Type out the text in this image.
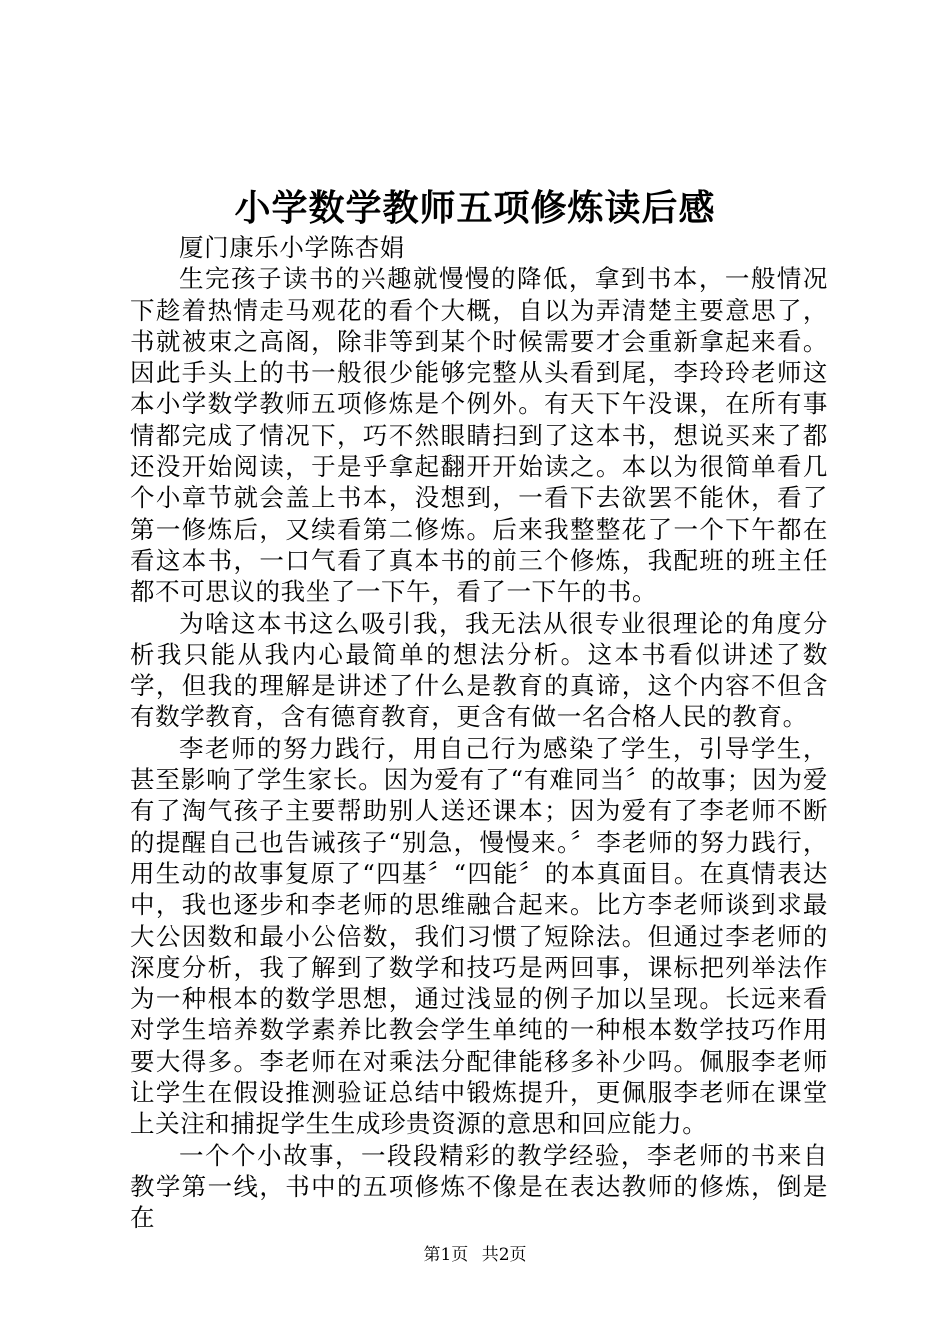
小学数学教师五项修炼读后感

厦门康乐小学陈杏娟

生完孩子读书的兴趣就慢慢的降低，拿到书本，一般情况下趁着热情走马观花的看个大概，自以为弄清楚主要意思了，书就被束之高阁，除非等到某个时候需要才会重新拿起来看。因此手头上的书一般很少能够完整从头看到尾，李玲玲老师这本小学数学教师五项修炼是个例外。有天下午没课，在所有事情都完成了情况下，巧不然眼睛扫到了这本书，想说买来了都还没开始阅读，于是乎拿起翻开开始读之。本以为很简单看几个小章节就会盖上书本，没想到，一看下去欲罢不能休，看了第一修炼后，又续看第二修炼。后来我整整花了一个下午都在看这本书，一口气看了真本书的前三个修炼，我配班的班主任都不可思议的我坐了一下午，看了一下午的书。

为啥这本书这么吸引我，我无法从很专业很理论的角度分析我只能从我内心最简单的想法分析。这本书看似讲述了数学，但我的理解是讲述了什么是教育的真谛，这个内容不但含有数学教育，含有德育教育，更含有做一名合格人民的教育。

李老师的努力践行，用自己行为感染了学生，引导学生，甚至影响了学生家长。因为爱有了“有难同当〞的故事；因为爱有了淘气孩子主要帮助别人送还课本；因为爱有了李老师不断的提醒自己也告诫孩子“别急，慢慢来。〞李老师的努力践行，用生动的故事复原了“四基〞“四能〞的本真面目。在真情表达中，我也逐步和李老师的思维融合起来。比方李老师谈到求最大公因数和最小公倍数，我们习惯了短除法。但通过李老师的深度分析，我了解到了数学和技巧是两回事，课标把列举法作为一种根本的数学思想，通过浅显的例子加以呈现。长远来看对学生培养数学素养比教会学生单纯的一种根本数学技巧作用要大得多。李老师在对乘法分配律能移多补少吗。佩服李老师让学生在假设推测验证总结中锻炼提升，更佩服李老师在课堂上关注和捕捉学生生成珍贵资源的意思和回应能力。

一个个小故事，一段段精彩的教学经验，李老师的书来自教学第一线，书中的五项修炼不像是在表达教师的修炼，倒是在

第1页 共2页
